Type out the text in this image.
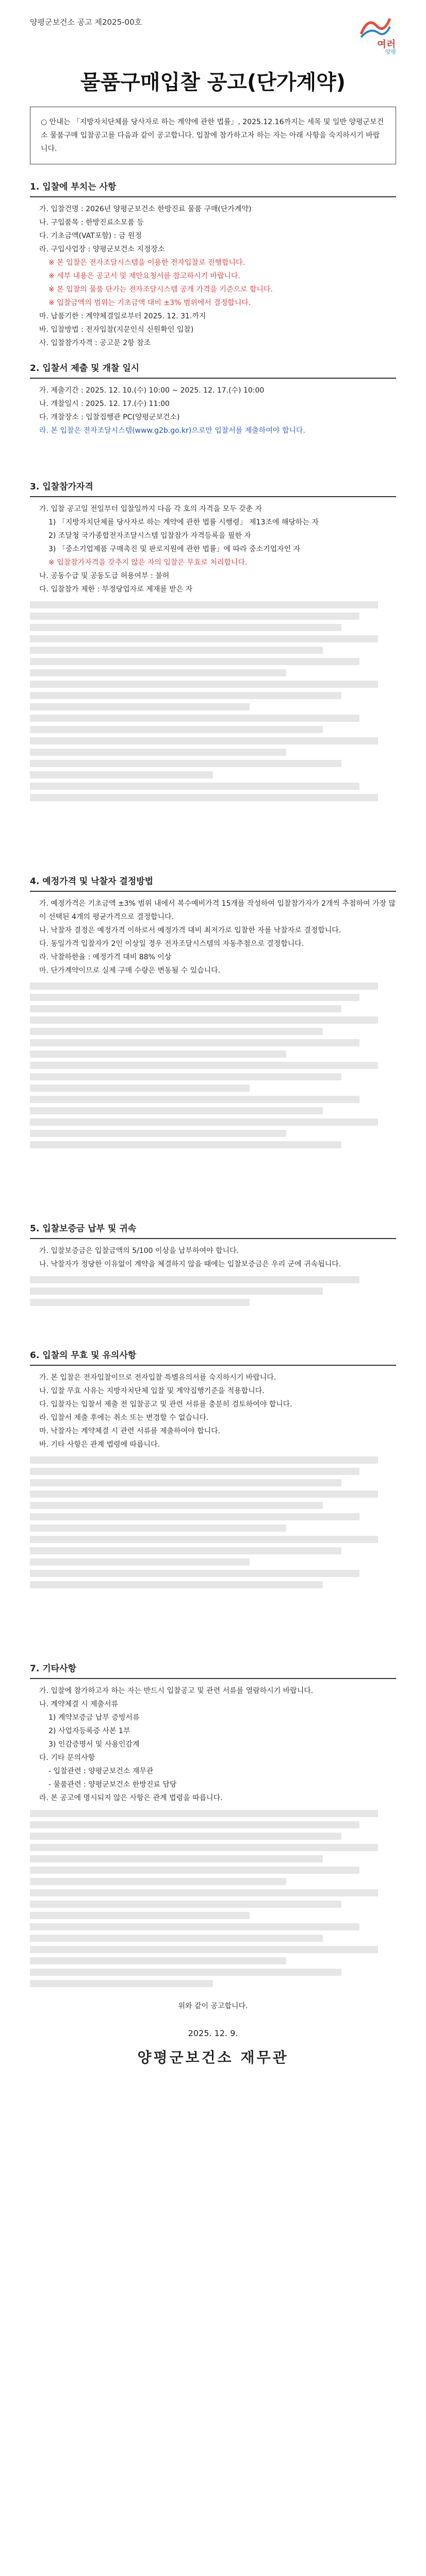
양평군보건소 공고 제2025-00호
여러
양평
물품구매입찰 공고(단가계약)
○ 안내는 「지방자치단체를 당사자로 하는 계약에 관한 법률」, 2025.12.16까지는 세목 및 일반 양평군보건소 물품구매 입찰공고를 다음과 같이 공고합니다. 입찰에 참가하고자 하는 자는 아래 사항을 숙지하시기 바랍니다.
1. 입찰에 부치는 사항
가. 입찰건명 : 2026년 양평군보건소 한방진료 물품 구매(단가계약)
나. 구입품목 : 한방진료소모품 등
다. 기초금액(VAT포함) : 금 원정
라. 구입사업장 : 양평군보건소 지정장소
※ 본 입찰은 전자조달시스템을 이용한 전자입찰로 진행합니다.
※ 세부 내용은 공고서 및 제안요청서를 참고하시기 바랍니다.
※ 본 입찰의 물품 단가는 전자조달시스템 공개 가격을 기준으로 합니다.
※ 입찰금액의 범위는 기초금액 대비 ±3% 범위에서 결정합니다.
마. 납품기한 : 계약체결일로부터 2025. 12. 31.까지
바. 입찰방법 : 전자입찰(지문인식 신원확인 입찰)
사. 입찰참가자격 : 공고문 2항 참조
2. 입찰서 제출 및 개찰 일시
가. 제출기간 : 2025. 12. 10.(수) 10:00 ~ 2025. 12. 17.(수) 10:00
나. 개찰일시 : 2025. 12. 17.(수) 11:00
다. 개찰장소 : 입찰집행관 PC(양평군보건소)
라. 본 입찰은 전자조달시스템(www.g2b.go.kr)으로만 입찰서를 제출하여야 합니다.
3. 입찰참가자격
가. 입찰 공고일 전일부터 입찰일까지 다음 각 호의 자격을 모두 갖춘 자
1) 「지방자치단체를 당사자로 하는 계약에 관한 법률 시행령」 제13조에 해당하는 자
2) 조달청 국가종합전자조달시스템 입찰참가 자격등록을 필한 자
3) 「중소기업제품 구매촉진 및 판로지원에 관한 법률」에 따라 중소기업자인 자
※ 입찰참가자격을 갖추지 않은 자의 입찰은 무효로 처리합니다.
나. 공동수급 및 공동도급 허용여부 : 불허
다. 입찰참가 제한 : 부정당업자로 제재를 받은 자
4. 예정가격 및 낙찰자 결정방법
가. 예정가격은 기초금액 ±3% 범위 내에서 복수예비가격 15개를 작성하여 입찰참가자가 2개씩 추첨하여 가장 많이 선택된 4개의 평균가격으로 결정합니다.
나. 낙찰자 결정은 예정가격 이하로서 예정가격 대비 최저가로 입찰한 자를 낙찰자로 결정합니다.
다. 동일가격 입찰자가 2인 이상일 경우 전자조달시스템의 자동추첨으로 결정합니다.
라. 낙찰하한율 : 예정가격 대비 88% 이상
마. 단가계약이므로 실제 구매 수량은 변동될 수 있습니다.
5. 입찰보증금 납부 및 귀속
가. 입찰보증금은 입찰금액의 5/100 이상을 납부하여야 합니다.
나. 낙찰자가 정당한 이유없이 계약을 체결하지 않을 때에는 입찰보증금은 우리 군에 귀속됩니다.
6. 입찰의 무효 및 유의사항
가. 본 입찰은 전자입찰이므로 전자입찰 특별유의서를 숙지하시기 바랍니다.
나. 입찰 무효 사유는 지방자치단체 입찰 및 계약집행기준을 적용합니다.
다. 입찰자는 입찰서 제출 전 입찰공고 및 관련 서류를 충분히 검토하여야 합니다.
라. 입찰서 제출 후에는 취소 또는 변경할 수 없습니다.
마. 낙찰자는 계약체결 시 관련 서류를 제출하여야 합니다.
바. 기타 사항은 관계 법령에 따릅니다.
7. 기타사항
가. 입찰에 참가하고자 하는 자는 반드시 입찰공고 및 관련 서류를 열람하시기 바랍니다.
나. 계약체결 시 제출서류
1) 계약보증금 납부 증빙서류
2) 사업자등록증 사본 1부
3) 인감증명서 및 사용인감계
다. 기타 문의사항
- 입찰관련 : 양평군보건소 재무관
- 물품관련 : 양평군보건소 한방진료 담당
라. 본 공고에 명시되지 않은 사항은 관계 법령을 따릅니다.
위와 같이 공고합니다.
2025. 12. 9.
양평군보건소 재무관
